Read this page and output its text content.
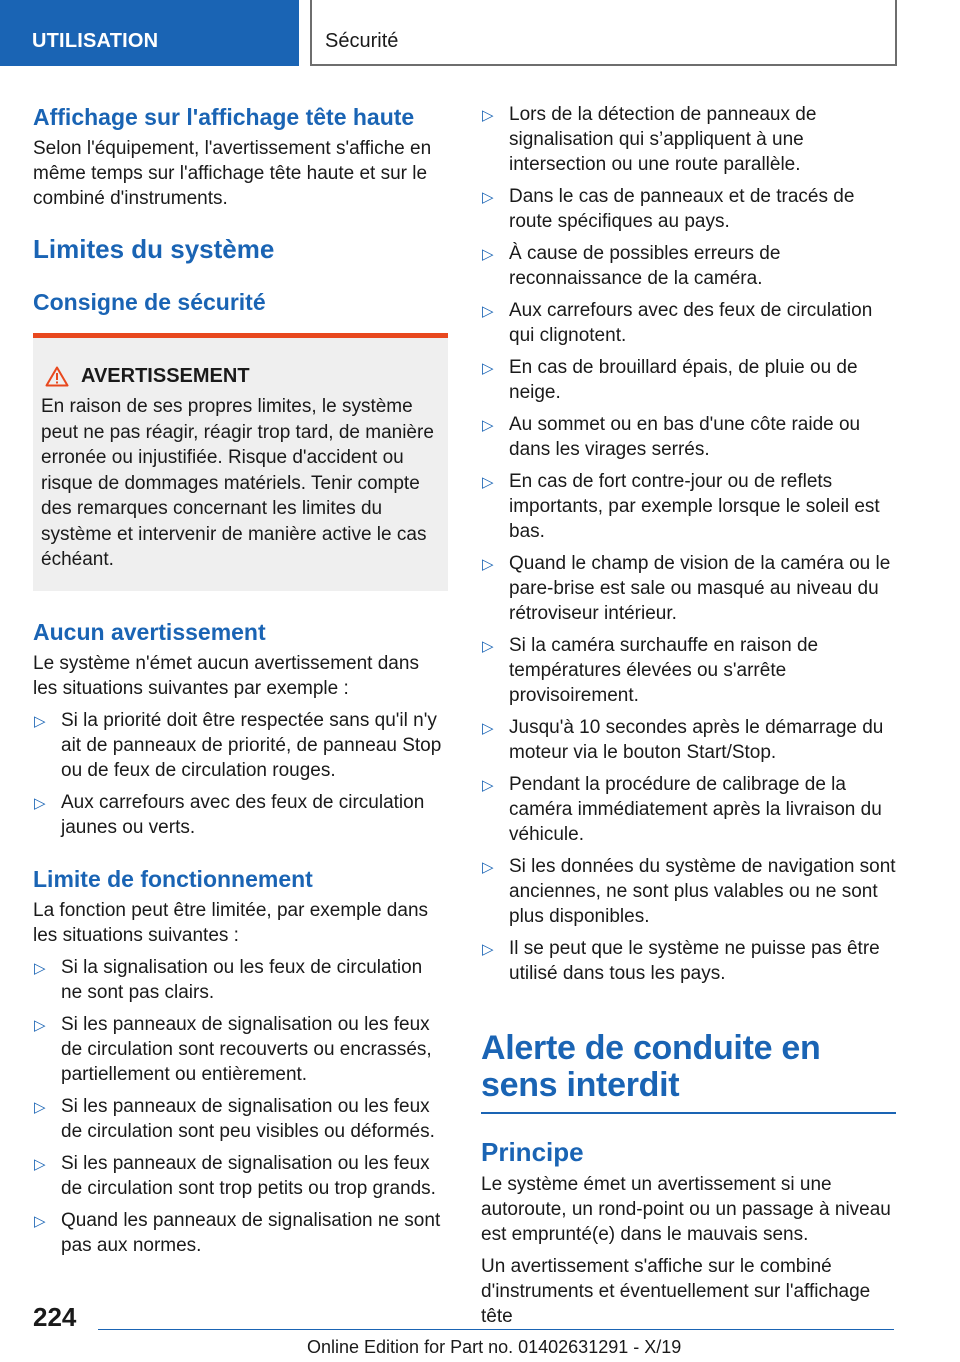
UTILISATION	Sécurité
Affichage sur l'affichage tête haute

Selon l'équipement, l'avertissement s'affiche en même temps sur l'affichage tête haute et sur le combiné d'instruments.

Limites du système
Consigne de sécurité
AVERTISSEMENT

En raison de ses propres limites, le système peut ne pas réagir, réagir trop tard, de manière erronée ou injustifiée. Risque d'accident ou risque de dommages matériels. Tenir compte des remarques concernant les limites du système et intervenir de manière active le cas échéant.

Aucun avertissement

Le système n'émet aucun avertissement dans les situations suivantes par exemple :

▷ Si la priorité doit être respectée sans qu'il n'y ait de panneaux de priorité, de panneau Stop ou de feux de circulation rouges.
▷ Aux carrefours avec des feux de circulation jaunes ou verts.
Limite de fonctionnement

La fonction peut être limitée, par exemple dans les situations suivantes :

▷ Si la signalisation ou les feux de circulation ne sont pas clairs.
▷ Si les panneaux de signalisation ou les feux de circulation sont recouverts ou encrassés, partiellement ou entièrement.
▷ Si les panneaux de signalisation ou les feux de circulation sont peu visibles ou déformés.
▷ Si les panneaux de signalisation ou les feux de circulation sont trop petits ou trop grands.
▷ Quand les panneaux de signalisation ne sont pas aux normes.
▷ Lors de la détection de panneaux de signalisation qui s’appliquent à une intersection ou une route parallèle.
▷ Dans le cas de panneaux et de tracés de route spécifiques au pays.
▷ À cause de possibles erreurs de reconnaissance de la caméra.
▷ Aux carrefours avec des feux de circulation qui clignotent.
▷ En cas de brouillard épais, de pluie ou de neige.
▷ Au sommet ou en bas d'une côte raide ou dans les virages serrés.
▷ En cas de fort contre-jour ou de reflets importants, par exemple lorsque le soleil est bas.
▷ Quand le champ de vision de la caméra ou le pare-brise est sale ou masqué au niveau du rétroviseur intérieur.
▷ Si la caméra surchauffe en raison de températures élevées ou s'arrête provisoirement.
▷ Jusqu'à 10 secondes après le démarrage du moteur via le bouton Start/Stop.
▷ Pendant la procédure de calibrage de la caméra immédiatement après la livraison du véhicule.
▷ Si les données du système de navigation sont anciennes, ne sont plus valables ou ne sont plus disponibles.
▷ Il se peut que le système ne puisse pas être utilisé dans tous les pays.
Alerte de conduite en sens interdit
Principe

Le système émet un avertissement si une autoroute, un rond-point ou un passage à niveau est emprunté(e) dans le mauvais sens.

Un avertissement s'affiche sur le combiné d'instruments et éventuellement sur l'affichage tête

224
Online Edition for Part no. 01402631291 - X/19
